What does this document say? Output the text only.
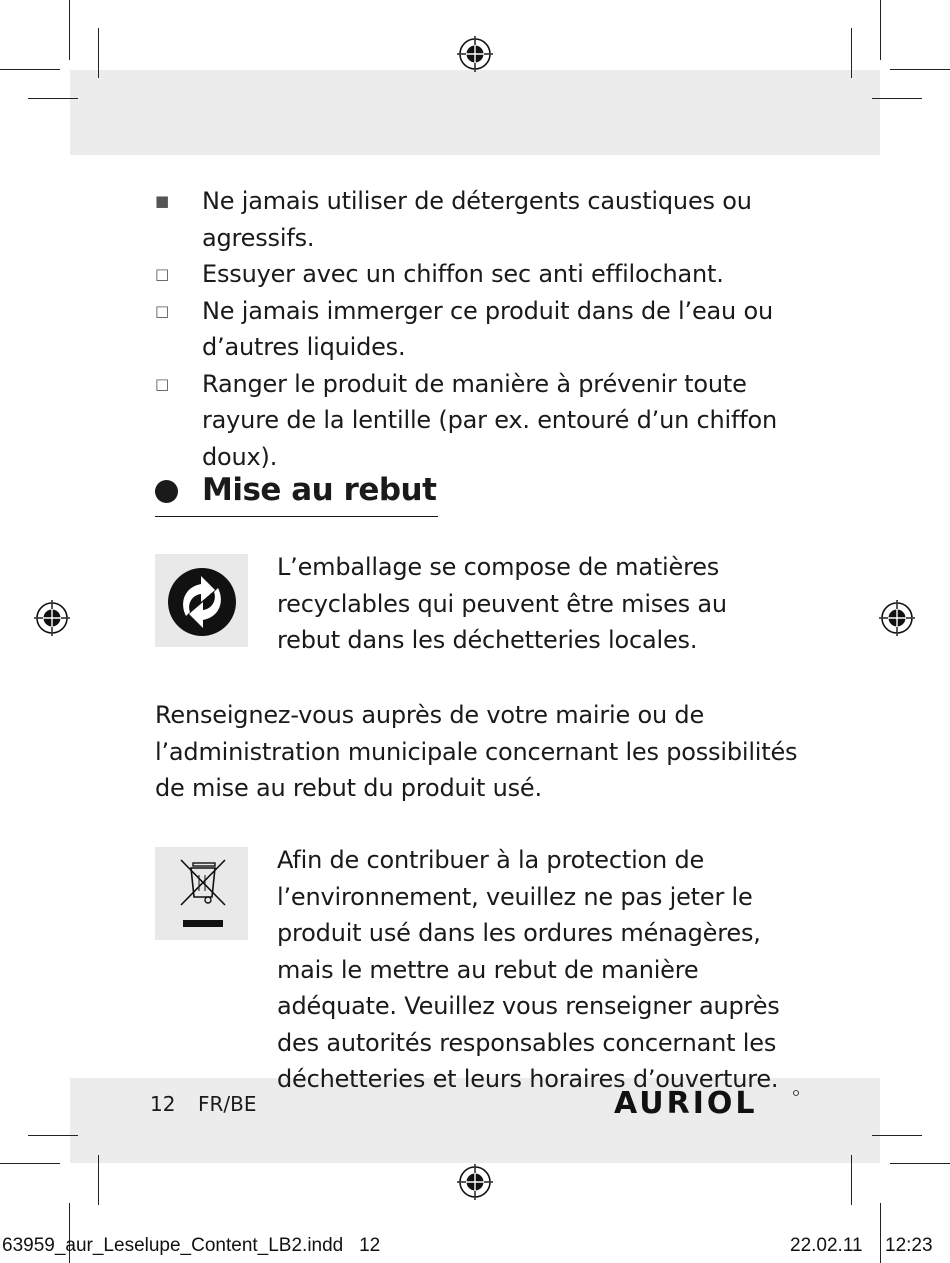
■ Ne jamais utiliser de détergents caustiques ou agressifs.
□ Essuyer avec un chiffon sec anti effilochant.
□ Ne jamais immerger ce produit dans de l’eau ou d’autres liquides.
□ Ranger le produit de manière à prévenir toute rayure de la lentille (par ex. entouré d’un chiffon doux).
Mise au rebut

L’emballage se compose de matières recyclables qui peuvent être mises au rebut dans les déchetteries locales.

Renseignez-vous auprès de votre mairie ou de l’administration municipale concernant les possibilités de mise au rebut du produit usé.

Afin de contribuer à la protection de l’environnement, veuillez ne pas jeter le produit usé dans les ordures ménagères, mais le mettre au rebut de manière adéquate. Veuillez vous renseigner auprès des autorités responsables concernant les déchetteries et leurs horaires d’ouverture.

12 FR/BE	AURIOL
63959_aur_Leselupe_Content_LB2.indd   12	22.02.11 12:23
